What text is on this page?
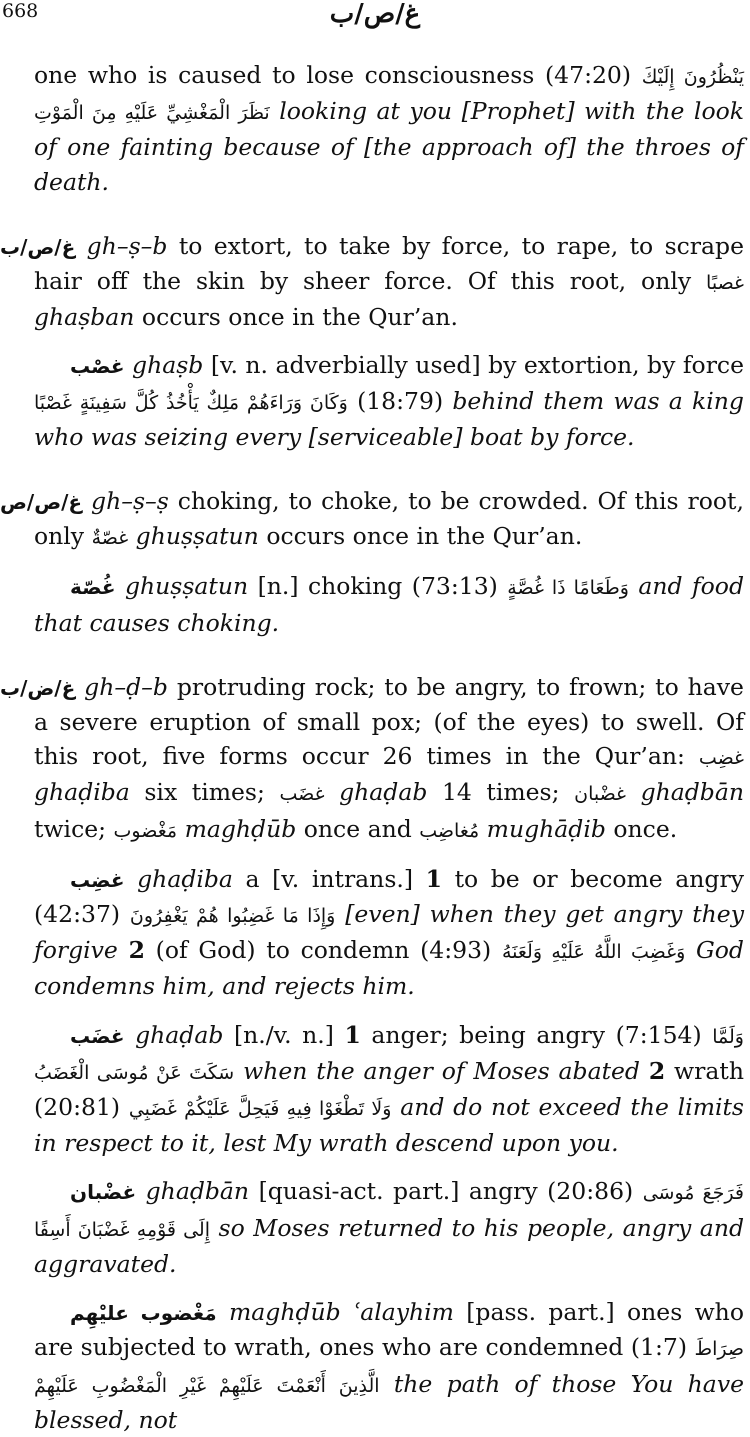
668	غ/ص/ب

one who is caused to lose consciousness (47:20) يَنْظُرُونَ إِلَيْكَ نَظَرَ الْمَغْشِيِّ عَلَيْهِ مِنَ الْمَوْتِ looking at you [Prophet] with the look of one fainting because of [the approach of] the throes of death.

غ/ص/ب gh–ṣ–b to extort, to take by force, to rape, to scrape hair off the skin by sheer force. Of this root, only غصبًا ghaṣban occurs once in the Qur’an.

غصْب ghaṣb [v. n. adverbially used] by extortion, by force وَكَانَ وَرَاءَهُمْ مَلِكٌ يَأْخُذُ كُلَّ سَفِينَةٍ غَصْبًا (18:79) behind them was a king who was seizing every [serviceable] boat by force.

غ/ص/ص gh–ṣ–ṣ choking, to choke, to be crowded. Of this root, only غصّةٌ ghuṣṣatun occurs once in the Qur’an.

غُصّة ghuṣṣatun [n.] choking (73:13) وَطَعَامًا ذَا غُصَّةٍ and food that causes choking.

غ/ض/ب gh–ḍ–b protruding rock; to be angry, to frown; to have a severe eruption of small pox; (of the eyes) to swell. Of this root, five forms occur 26 times in the Qur’an: غضِب ghaḍiba six times; غضَب ghaḍab 14 times; غضْبان ghaḍbān twice; مَغْضوب maghḍūb once and مُغاضِب mughāḍib once.

غضِب ghaḍiba a [v. intrans.] 1 to be or become angry (42:37) وَإِذَا مَا غَضِبُوا هُمْ يَغْفِرُونَ [even] when they get angry they forgive 2 (of God) to condemn (4:93) وَغَضِبَ اللَّهُ عَلَيْهِ وَلَعَنَهُ God condemns him, and rejects him.

غضَب ghaḍab [n./v. n.] 1 anger; being angry (7:154) وَلَمَّا سَكَتَ عَنْ مُوسَى الْغَضَبُ when the anger of Moses abated 2 wrath (20:81) وَلَا تَطْغَوْا فِيهِ فَيَحِلَّ عَلَيْكُمْ غَضَبِي and do not exceed the limits in respect to it, lest My wrath descend upon you.

غضْبان ghaḍbān [quasi-act. part.] angry (20:86) فَرَجَعَ مُوسَى إِلَى قَوْمِهِ غَضْبَانَ أَسِفًا so Moses returned to his people, angry and aggravated.

مَغْضوب عليْهِم maghḍūb ʿalayhim [pass. part.] ones who are subjected to wrath, ones who are condemned (1:7) صِرَاطَ الَّذِينَ أَنْعَمْتَ عَلَيْهِمْ غَيْرِ الْمَغْضُوبِ عَلَيْهِمْ the path of those You have blessed, not
